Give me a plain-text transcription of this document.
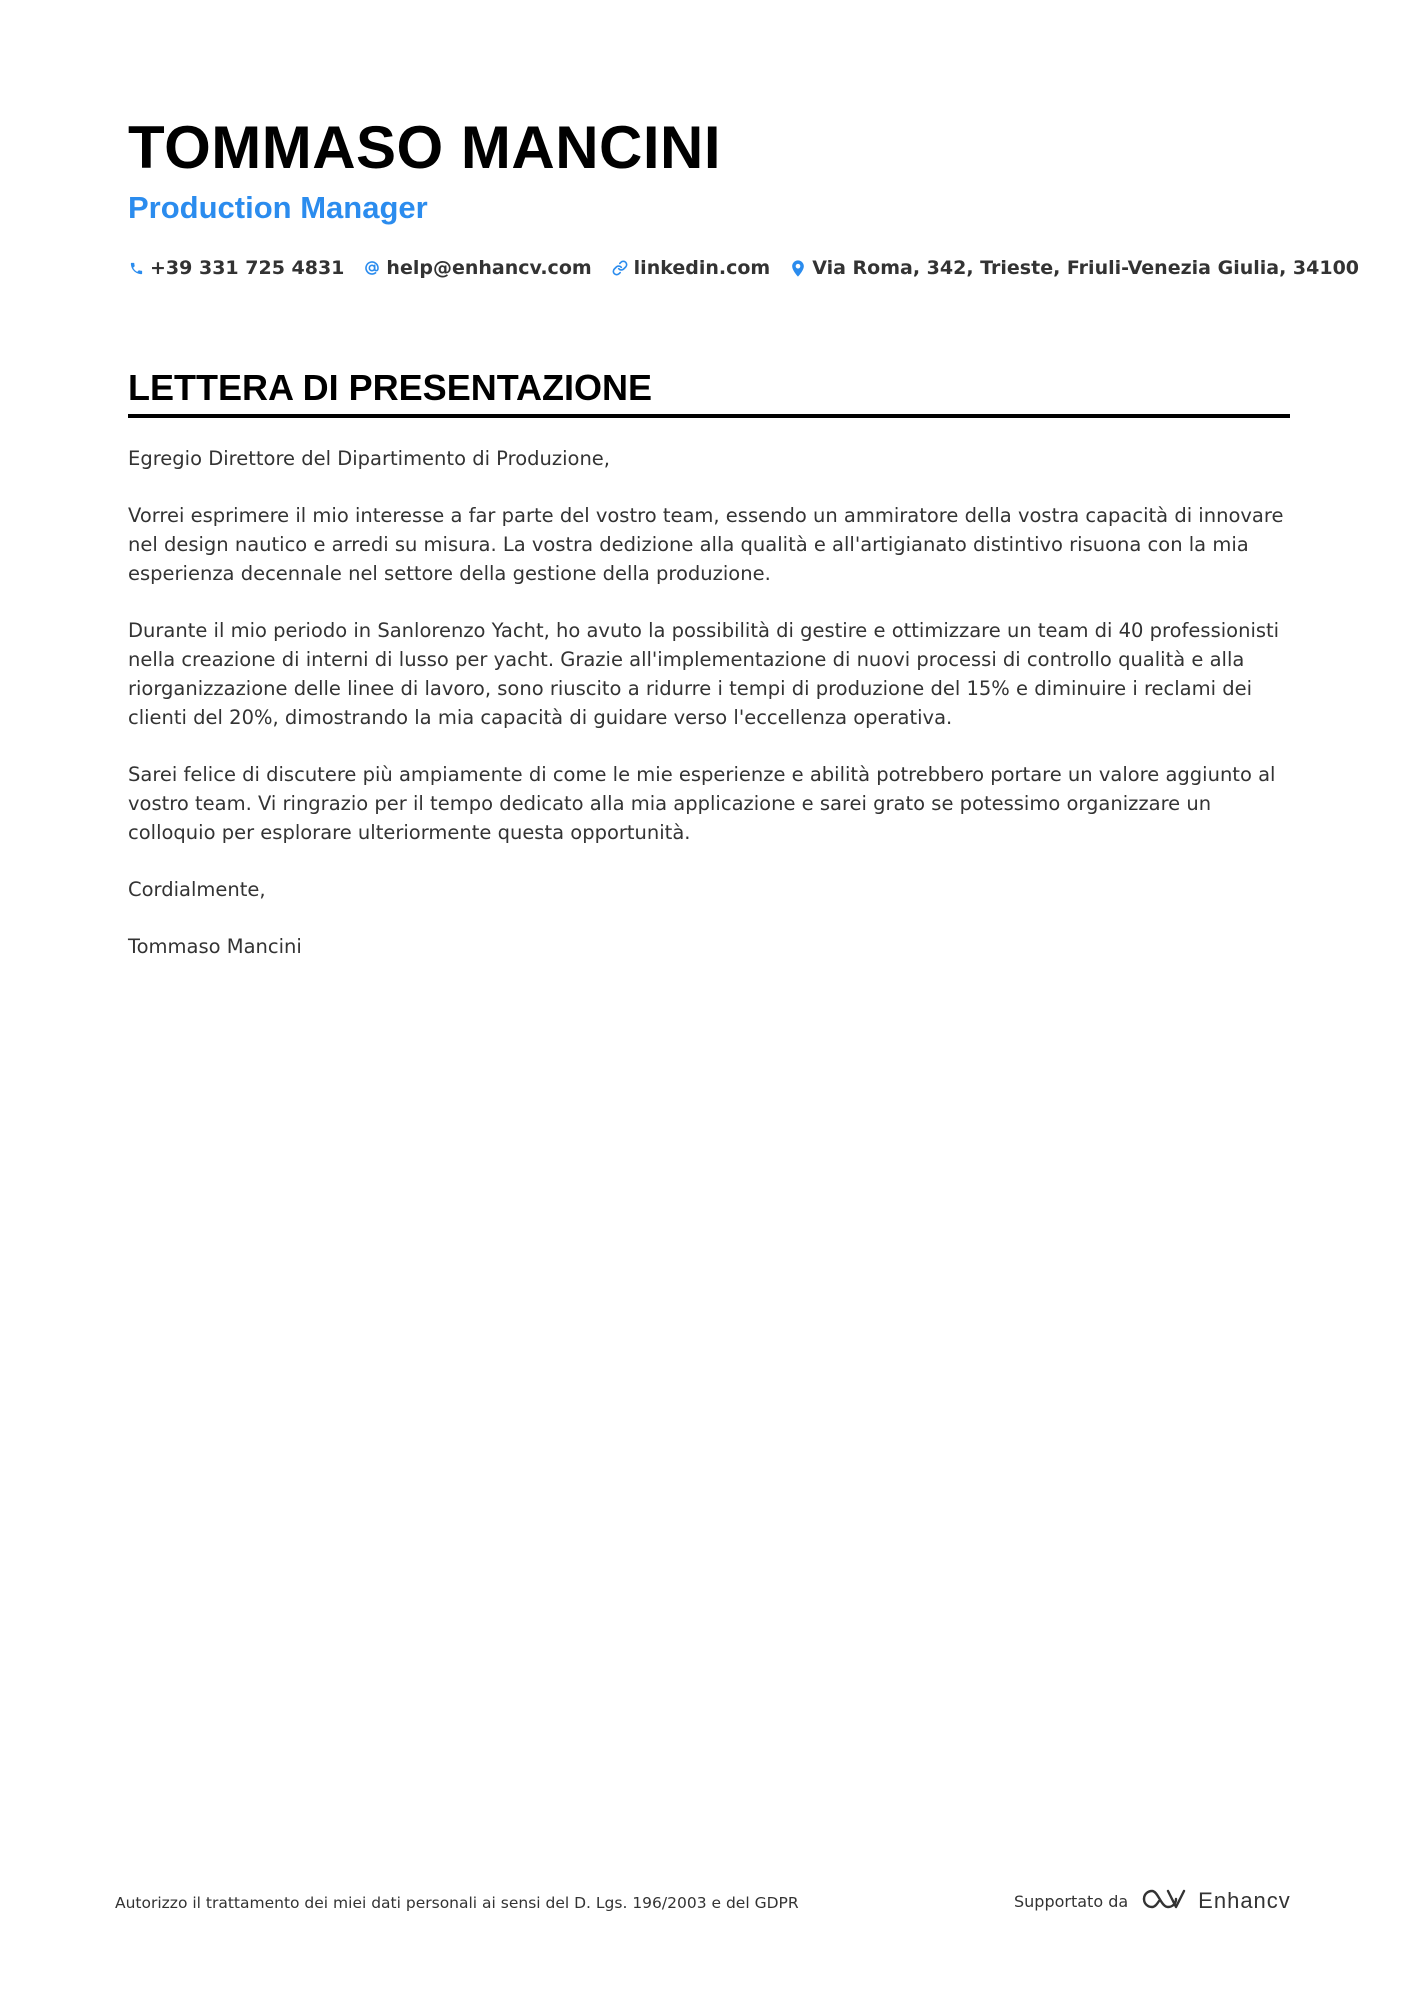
TOMMASO MANCINI
Production Manager
+39 331 725 4831 help@enhancv.com linkedin.com Via Roma, 342, Trieste, Friuli-Venezia Giulia, 34100
LETTERA DI PRESENTAZIONE

Egregio Direttore del Dipartimento di Produzione,

Vorrei esprimere il mio interesse a far parte del vostro team, essendo un ammiratore della vostra capacità di innovare nel design nautico e arredi su misura. La vostra dedizione alla qualità e all'artigianato distintivo risuona con la mia esperienza decennale nel settore della gestione della produzione.

Durante il mio periodo in Sanlorenzo Yacht, ho avuto la possibilità di gestire e ottimizzare un team di 40 professionisti nella creazione di interni di lusso per yacht. Grazie all'implementazione di nuovi processi di controllo qualità e alla riorganizzazione delle linee di lavoro, sono riuscito a ridurre i tempi di produzione del 15% e diminuire i reclami dei clienti del 20%, dimostrando la mia capacità di guidare verso l'eccellenza operativa.

Sarei felice di discutere più ampiamente di come le mie esperienze e abilità potrebbero portare un valore aggiunto al vostro team. Vi ringrazio per il tempo dedicato alla mia applicazione e sarei grato se potessimo organizzare un colloquio per esplorare ulteriormente questa opportunità.

Cordialmente,

Tommaso Mancini

Autorizzo il trattamento dei miei dati personali ai sensi del D. Lgs. 196/2003 e del GDPR	Supportato da	Enhancv
